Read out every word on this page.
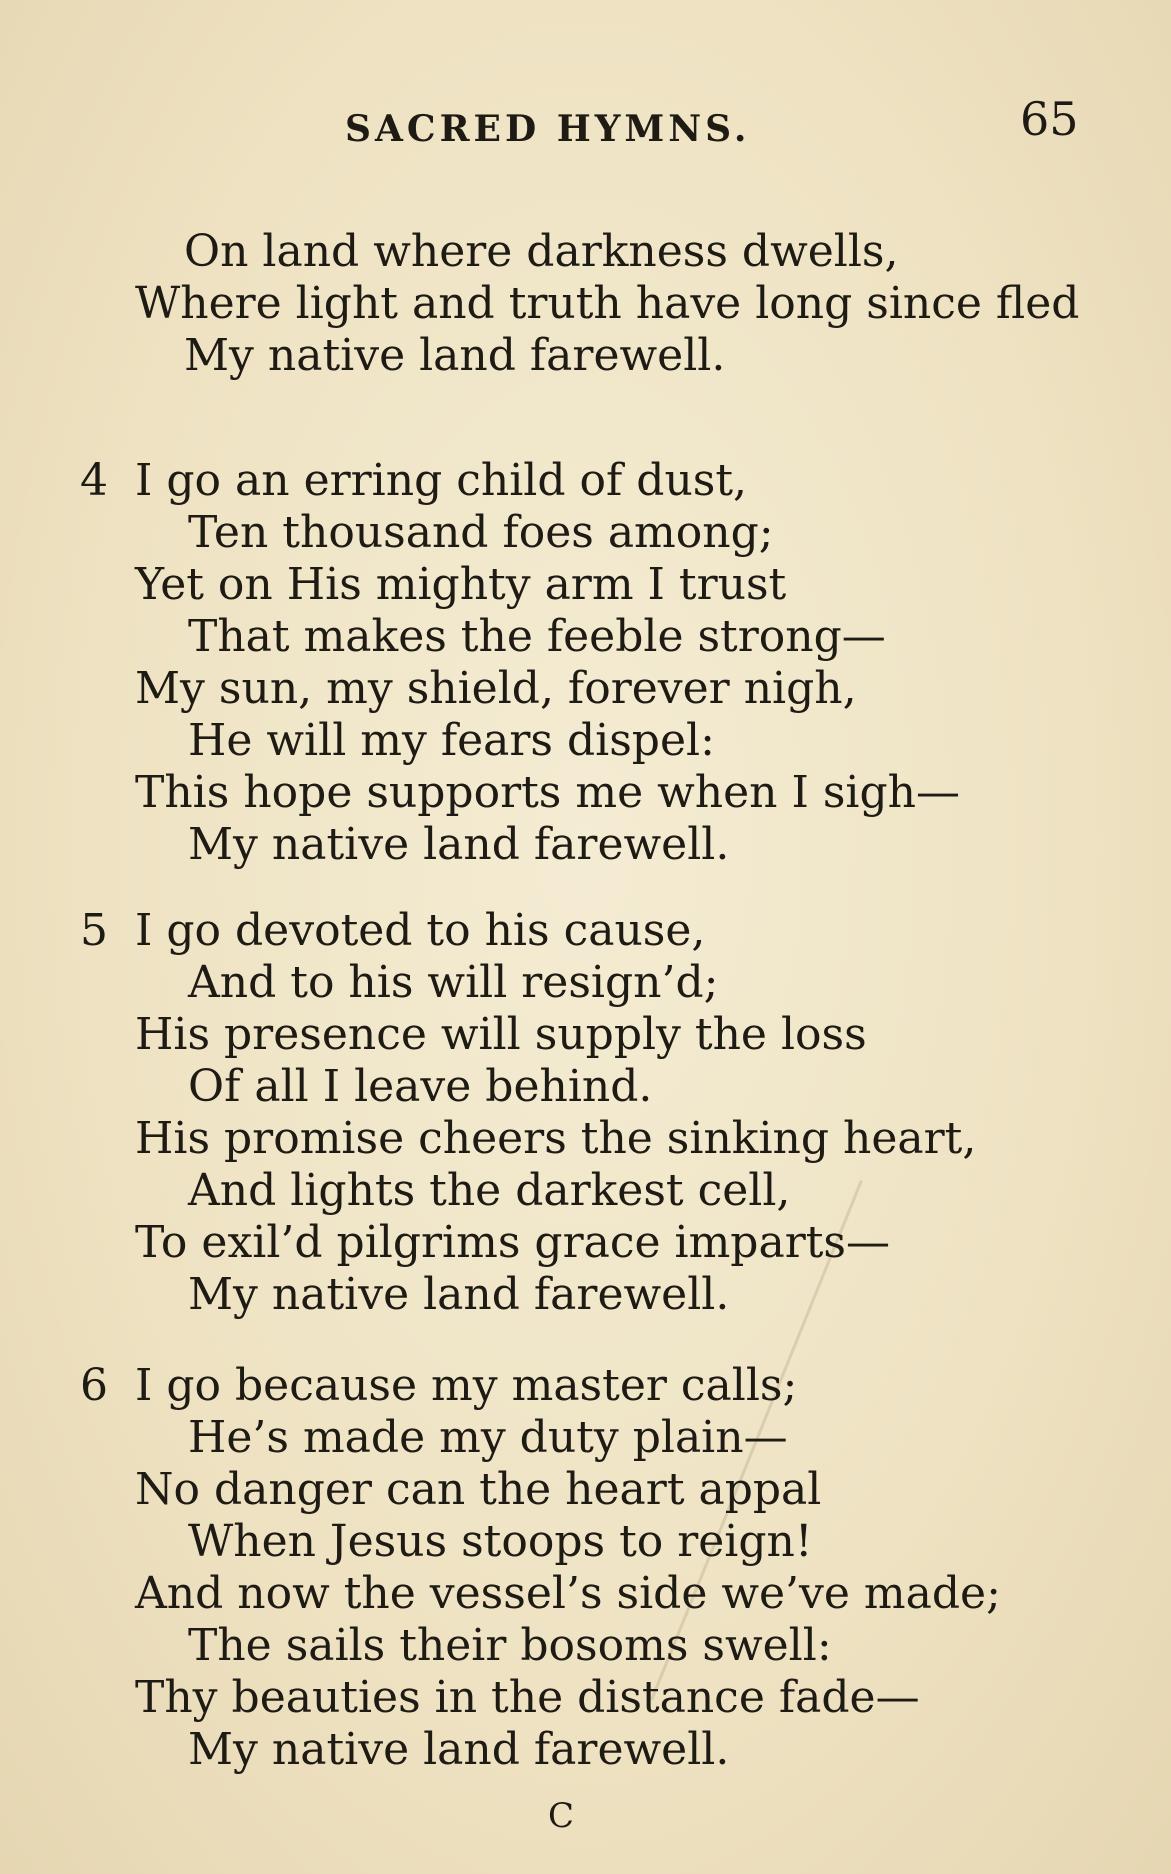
SACRED HYMNS.	65
On land where darkness dwells,
Where light and truth have long since fled
My native land farewell.
4 I go an erring child of dust,
Ten thousand foes among;
Yet on His mighty arm I trust
That makes the feeble strong—
My sun, my shield, forever nigh,
He will my fears dispel:
This hope supports me when I sigh—
My native land farewell.
5 I go devoted to his cause,
And to his will resign’d;
His presence will supply the loss
Of all I leave behind.
His promise cheers the sinking heart,
And lights the darkest cell,
To exil’d pilgrims grace imparts—
My native land farewell.
6 I go because my master calls;
He’s made my duty plain—
No danger can the heart appal
When Jesus stoops to reign!
And now the vessel’s side we’ve made;
The sails their bosoms swell:
Thy beauties in the distance fade—
My native land farewell.
C
